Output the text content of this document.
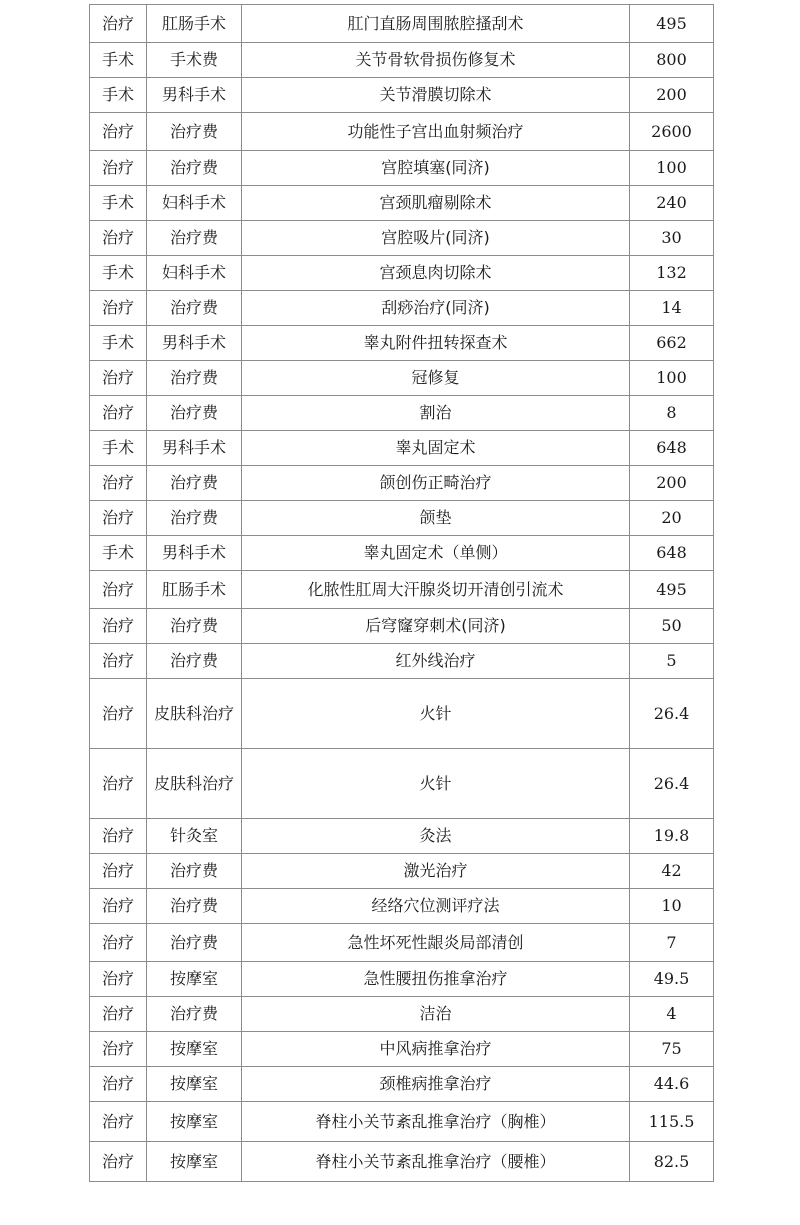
治疗	肛肠手术	肛门直肠周围脓腔搔刮术	495
手术	手术费	关节骨软骨损伤修复术	800
手术	男科手术	关节滑膜切除术	200
治疗	治疗费	功能性子宫出血射频治疗	2600
治疗	治疗费	宫腔填塞(同济)	100
手术	妇科手术	宫颈肌瘤剔除术	240
治疗	治疗费	宫腔吸片(同济)	30
手术	妇科手术	宫颈息肉切除术	132
治疗	治疗费	刮痧治疗(同济)	14
手术	男科手术	睾丸附件扭转探查术	662
治疗	治疗费	冠修复	100
治疗	治疗费	割治	8
手术	男科手术	睾丸固定术	648
治疗	治疗费	颌创伤正畸治疗	200
治疗	治疗费	颌垫	20
手术	男科手术	睾丸固定术（单侧）	648
治疗	肛肠手术	化脓性肛周大汗腺炎切开清创引流术	495
治疗	治疗费	后穹窿穿刺术(同济)	50
治疗	治疗费	红外线治疗	5
治疗	皮肤科治疗	火针	26.4
治疗	皮肤科治疗	火针	26.4
治疗	针灸室	灸法	19.8
治疗	治疗费	激光治疗	42
治疗	治疗费	经络穴位测评疗法	10
治疗	治疗费	急性坏死性龈炎局部清创	7
治疗	按摩室	急性腰扭伤推拿治疗	49.5
治疗	治疗费	洁治	4
治疗	按摩室	中风病推拿治疗	75
治疗	按摩室	颈椎病推拿治疗	44.6
治疗	按摩室	脊柱小关节紊乱推拿治疗（胸椎）	115.5
治疗	按摩室	脊柱小关节紊乱推拿治疗（腰椎）	82.5
